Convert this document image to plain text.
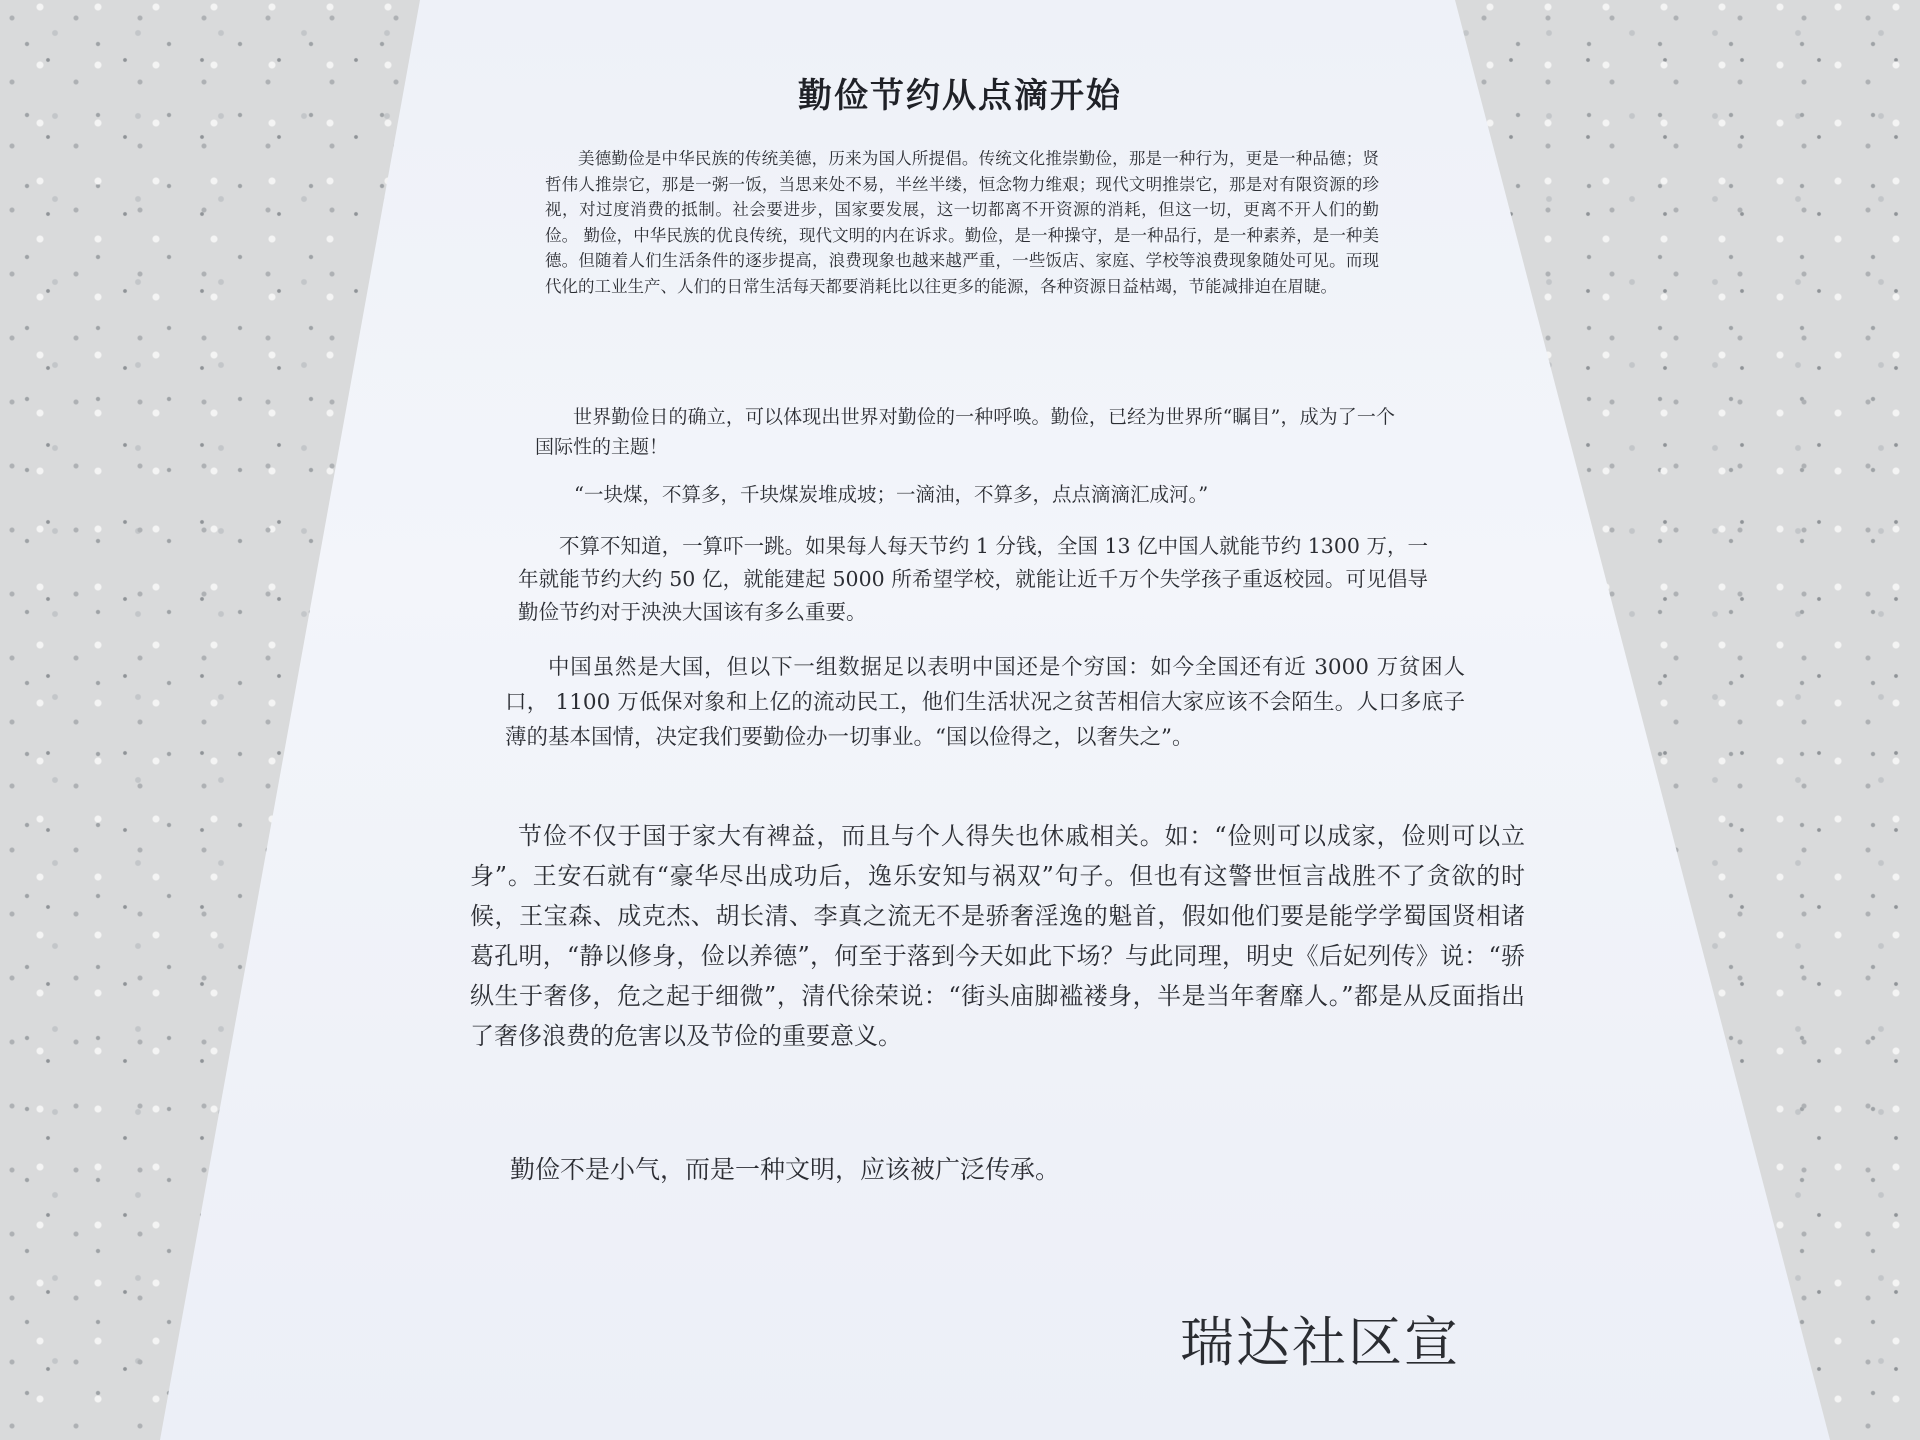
勤俭节约从点滴开始

美德勤俭是中华民族的传统美德，历来为国人所提倡。传统文化推崇勤俭，那是一种行为，更是一种品德；贤哲伟人推崇它，那是一粥一饭，当思来处不易，半丝半缕，恒念物力维艰；现代文明推崇它，那是对有限资源的珍视，对过度消费的抵制。社会要进步，国家要发展，这一切都离不开资源的消耗，但这一切，更离不开人们的勤俭。 勤俭，中华民族的优良传统，现代文明的内在诉求。勤俭，是一种操守，是一种品行，是一种素养，是一种美德。但随着人们生活条件的逐步提高，浪费现象也越来越严重，一些饭店、家庭、学校等浪费现象随处可见。而现代化的工业生产、人们的日常生活每天都要消耗比以往更多的能源，各种资源日益枯竭，节能减排迫在眉睫。

世界勤俭日的确立，可以体现出世界对勤俭的一种呼唤。勤俭，已经为世界所“瞩目”，成为了一个国际性的主题！

“一块煤，不算多，千块煤炭堆成坡；一滴油，不算多，点点滴滴汇成河。”

不算不知道，一算吓一跳。如果每人每天节约 1 分钱，全国 13 亿中国人就能节约 1300 万，一年就能节约大约 50 亿，就能建起 5000 所希望学校，就能让近千万个失学孩子重返校园。可见倡导勤俭节约对于泱泱大国该有多么重要。

中国虽然是大国，但以下一组数据足以表明中国还是个穷国：如今全国还有近 3000 万贫困人口， 1100 万低保对象和上亿的流动民工，他们生活状况之贫苦相信大家应该不会陌生。人口多底子薄的基本国情，决定我们要勤俭办一切事业。“国以俭得之，以奢失之”。

节俭不仅于国于家大有裨益，而且与个人得失也休戚相关。如：“俭则可以成家，俭则可以立身”。王安石就有“豪华尽出成功后，逸乐安知与祸双”句子。但也有这警世恒言战胜不了贪欲的时候，王宝森、成克杰、胡长清、李真之流无不是骄奢淫逸的魁首，假如他们要是能学学蜀国贤相诸葛孔明，“静以修身，俭以养德”，何至于落到今天如此下场？与此同理，明史《后妃列传》说：“骄纵生于奢侈，危之起于细微”，清代徐荣说：“街头庙脚褴褛身，半是当年奢靡人。”都是从反面指出了奢侈浪费的危害以及节俭的重要意义。

勤俭不是小气，而是一种文明，应该被广泛传承。

瑞达社区宣
